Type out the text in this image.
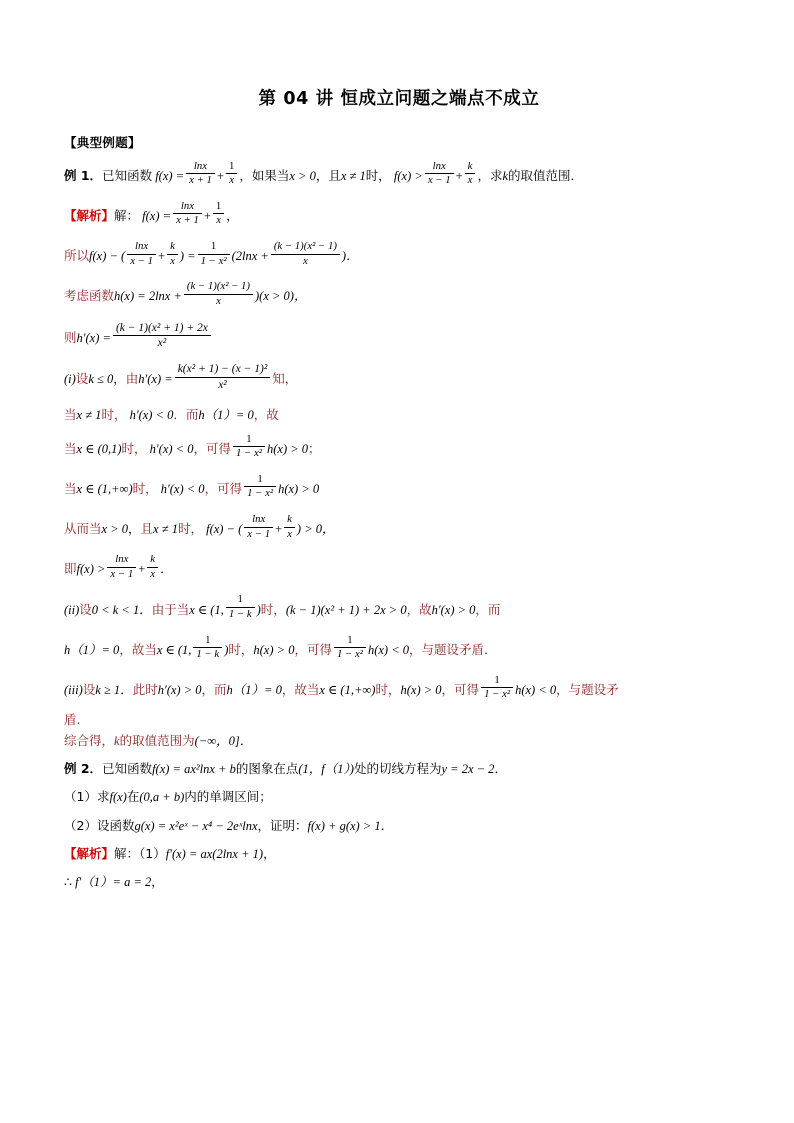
第 04 讲 恒成立问题之端点不成立
【典型例题】
例 1．已知函数 $f(x) = \frac{\ln x}{x + 1} + \frac{1}{x}$ ，如果当x > 0，且x ≠ 1时， $f(x) > \frac{\ln x}{x - 1} + \frac{k}{x}$ ，求k的取值范围．
【解析】解： $f(x) = \frac{\ln x}{x + 1} + \frac{1}{x}$ ，
所以f(x) − ( $\frac{\ln x}{x - 1} + \frac{k}{x}$ ) = $\frac{1}{\text{1 − x²}} (2\ln x + \frac{\text{(k − 1)(x² − 1)}}{x}$ )．
考虑函数$h(x) = 2\ln x + \frac{\text{(k − 1)(x² − 1)}}{x} )(x > 0)$，
则$h'(x) = \frac{\text{(k − 1)(x² + 1) + 2x}}{\text{x²}}$
(i)设k ≤ 0，由$h'(x) = \frac{\text{k(x² + 1) − (x − 1)²}}{\text{x²}}$ 知，
当x ≠ 1时， h′(x) < 0．而h（1）= 0，故
当x ∈ (0,1)时， h′(x) < 0，可得 $\frac{1}{\text{1 − x²}} h(x) > 0$；
当x ∈ (1,+∞)时， h′(x) < 0，可得 $\frac{1}{\text{1 − x²}} h(x) > 0$
从而当x > 0，且x ≠ 1时， f(x) − ( $\frac{\ln x}{x - 1} + \frac{k}{x}$ ) > 0，
即$f(x) > \frac{\ln x}{x - 1} + \frac{k}{x}$ ．
(ii)设0 < k < 1．由于当x ∈ (1, $\frac{1}{1 - k}$ )时，(k − 1)(x² + 1) + 2x > 0，故h′(x) > 0，而
h（1）= 0，故当x ∈ (1, $\frac{1}{1 - k}$ )时，h(x) > 0，可得 $\frac{1}{\text{1 − x²}} h(x) < 0$，与题设矛盾．
(iii)设k ≥ 1．此时h′(x) > 0，而h（1）= 0，故当x ∈ (1,+∞)时，h(x) > 0，可得 $\frac{1}{\text{1 − x²}} h(x) < 0$，与题设矛
盾．
综合得，k的取值范围为(−∞，0]．
例 2．已知函数f(x) = ax²lnx + b的图象在点(1，f（1）)处的切线方程为y = 2x − 2．
（1）求f(x)在(0,a + b)内的单调区间；
（2）设函数g(x) = x²eˣ − x⁴ − 2eˣlnx，证明：f(x) + g(x) > 1．
【解析】解：（1）f′(x) = ax(2lnx + 1)，
∴ f′（1）= a = 2，
